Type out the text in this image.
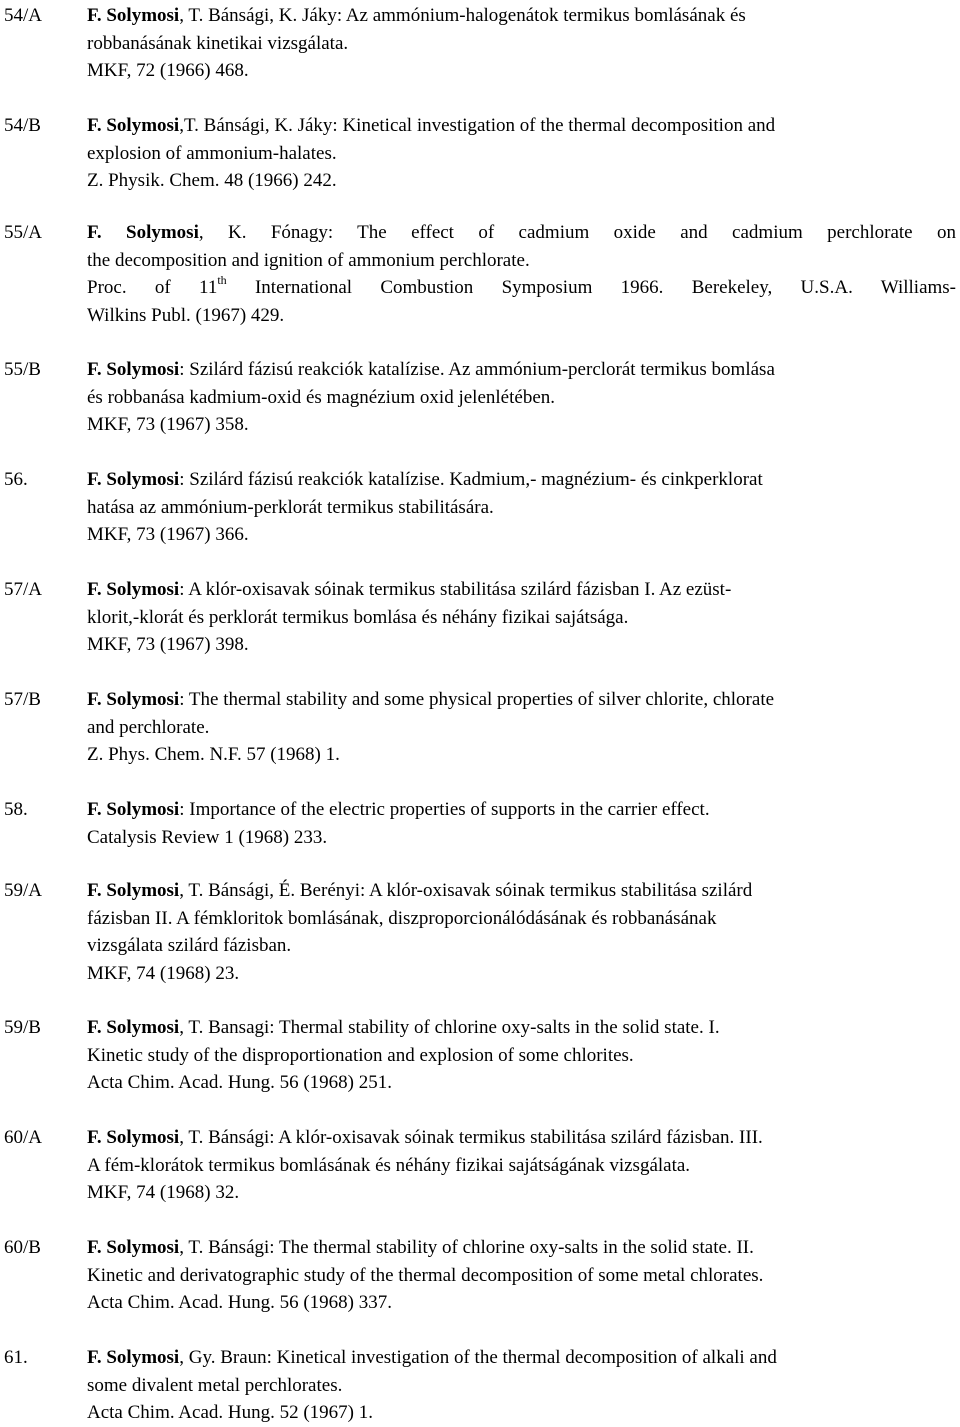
54/A F. Solymosi, T. Bánsági, K. Jáky: Az ammónium-halogenátok termikus bomlásának és
robbanásának kinetikai vizsgálata.
MKF, 72 (1966) 468.
54/B F. Solymosi,T. Bánsági, K. Jáky: Kinetical investigation of the thermal decomposition and
explosion of ammonium-halates.
Z. Physik. Chem. 48 (1966) 242.
55/A F. Solymosi, K. Fónagy: The effect of cadmium oxide and cadmium perchlorate on
the decomposition and ignition of ammonium perchlorate.
Proc. of 11th International Combustion Symposium 1966. Berekeley, U.S.A. Williams-
Wilkins Publ. (1967) 429.
55/B F. Solymosi: Szilárd fázisú reakciók katalízise. Az ammónium-perclorát termikus bomlása
és robbanása kadmium-oxid és magnézium oxid jelenlétében.
MKF, 73 (1967) 358.
56.	F. Solymosi: Szilárd fázisú reakciók katalízise. Kadmium,- magnézium- és cinkperklorat
hatása az ammónium-perklorát termikus stabilitására.
MKF, 73 (1967) 366.
57/A F. Solymosi: A klór-oxisavak sóinak termikus stabilitása szilárd fázisban I. Az ezüst-
klorit,-klorát és perklorát termikus bomlása és néhány fizikai sajátsága.
MKF, 73 (1967) 398.
57/B F. Solymosi: The thermal stability and some physical properties of silver chlorite, chlorate
and perchlorate.
Z. Phys. Chem. N.F. 57 (1968) 1.
58.	F. Solymosi: Importance of the electric properties of supports in the carrier effect.
Catalysis Review 1 (1968) 233.
59/A F. Solymosi, T. Bánsági, É. Berényi: A klór-oxisavak sóinak termikus stabilitása szilárd
fázisban II. A fémkloritok bomlásának, diszproporcionálódásának és robbanásának
vizsgálata szilárd fázisban.
MKF, 74 (1968) 23.
59/B F. Solymosi, T. Bansagi: Thermal stability of chlorine oxy-salts in the solid state. I.
Kinetic study of the disproportionation and explosion of some chlorites.
Acta Chim. Acad. Hung. 56 (1968) 251.
60/A F. Solymosi, T. Bánsági: A klór-oxisavak sóinak termikus stabilitása szilárd fázisban. III.
A fém-klorátok termikus bomlásának és néhány fizikai sajátságának vizsgálata.
MKF, 74 (1968) 32.
60/B F. Solymosi, T. Bánsági: The thermal stability of chlorine oxy-salts in the solid state. II.
Kinetic and derivatographic study of the thermal decomposition of some metal chlorates.
Acta Chim. Acad. Hung. 56 (1968) 337.
61.	F. Solymosi, Gy. Braun: Kinetical investigation of the thermal decomposition of alkali and
some divalent metal perchlorates.
Acta Chim. Acad. Hung. 52 (1967) 1.
